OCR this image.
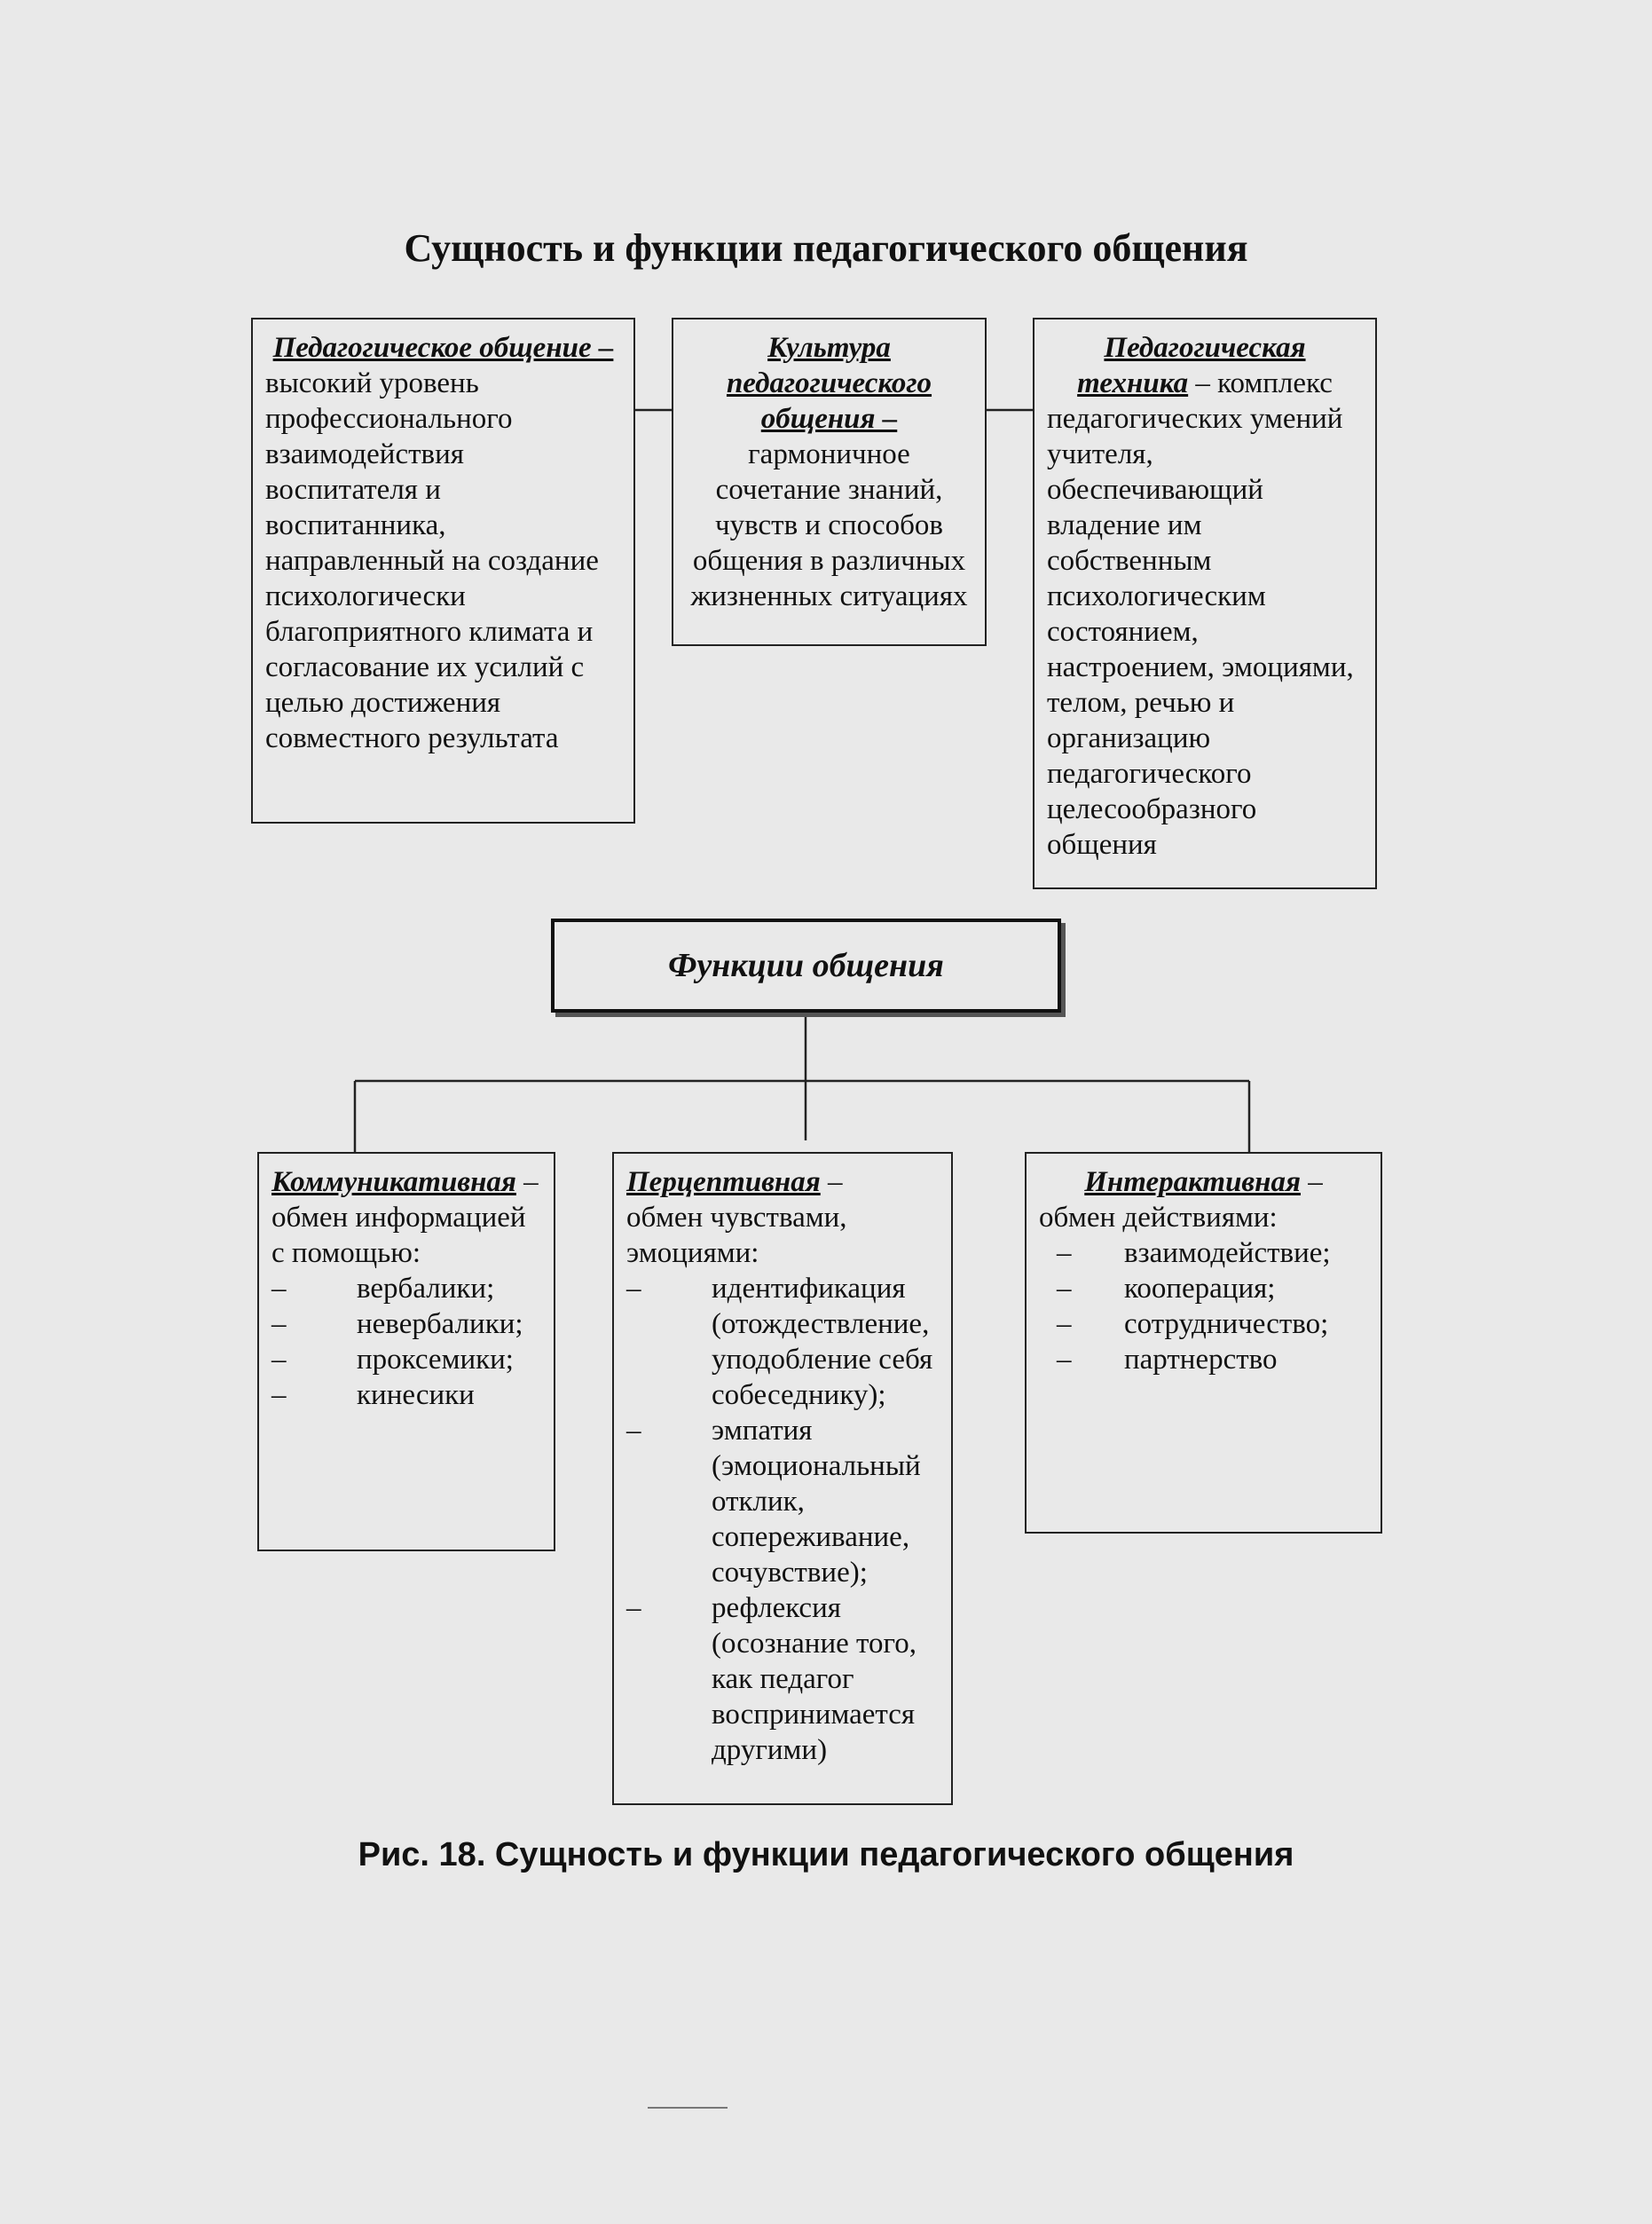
Сущность и функции педагогического общения
Педагогическое общение –
высокий уровень профессионального взаимодействия воспитателя и воспитанника, направленный на создание психологически благоприятного климата и согласование их усилий с целью достижения совместного результата
Культура педагогического общения –
гармоничное сочетание знаний, чувств и способов общения в различных жизненных ситуациях
Педагогическая техника – комплекс
педагогических умений учителя, обеспечивающий владение им собственным психологическим состоянием, настроением, эмоциями, телом, речью и организацию педагогического целесообразного общения
Функции общения
Коммуникативная –
обмен информацией с помощью:
–	вербалики;
–	невербалики;
–	проксемики;
–	кинесики
Перцептивная –
обмен чувствами, эмоциями:
–	идентификация (отождествление, уподобление себя собеседнику);
–	эмпатия (эмоциональный отклик, сопереживание, сочувствие);
–	рефлексия (осознание того, как педагог воспринимается другими)
Интерактивная –
обмен действиями:
–	взаимодействие;
–	кооперация;
–	сотрудничество;
–	партнерство
Рис. 18. Сущность и функции педагогического общения
